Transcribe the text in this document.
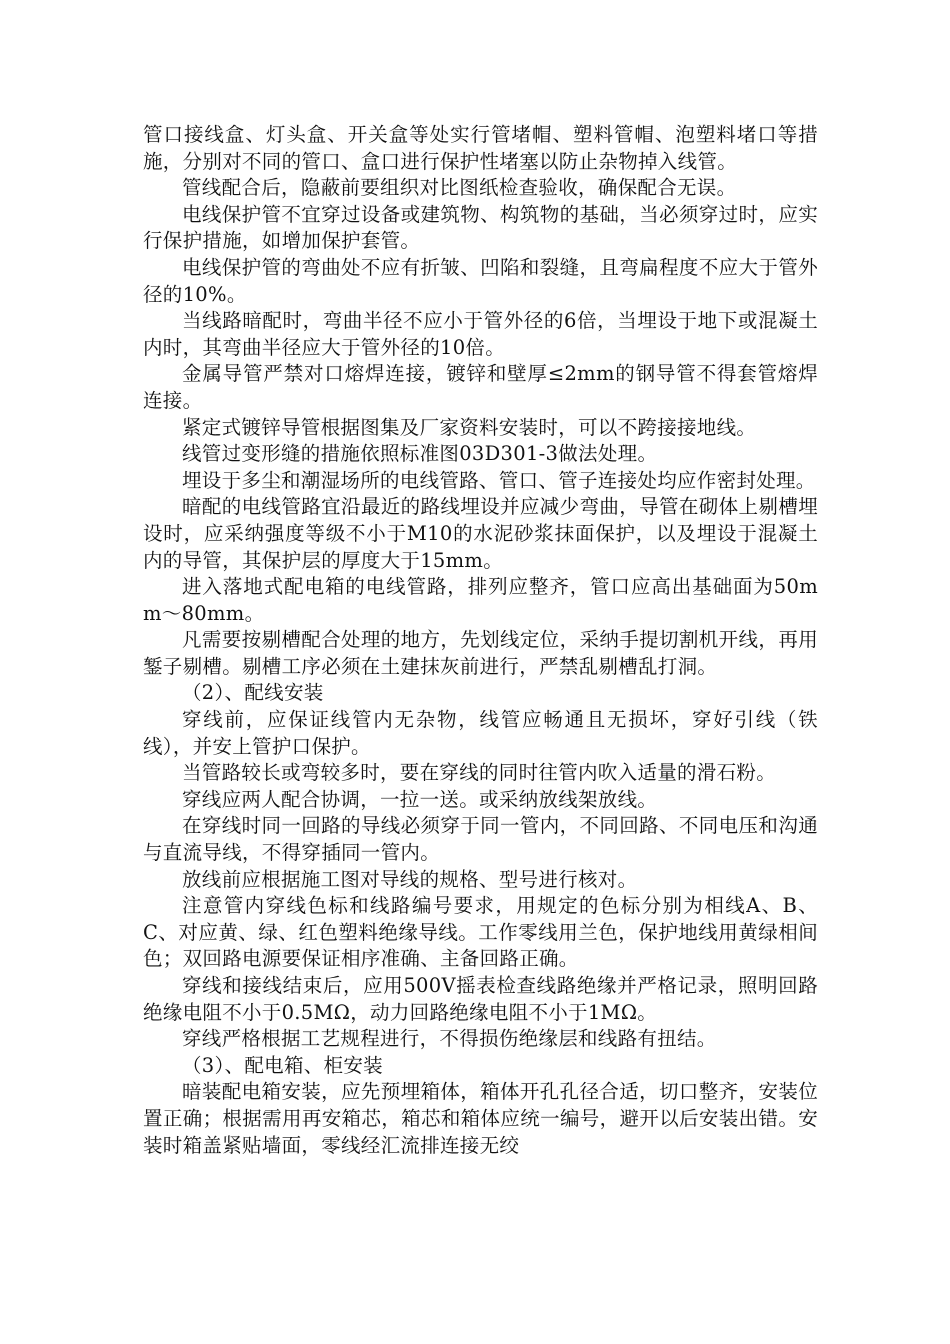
管口接线盒、灯头盒、开关盒等处实行管堵帽、塑料管帽、泡塑料堵口等措施，分别对不同的管口、盒口进行保护性堵塞以防止杂物掉入线管。

管线配合后，隐蔽前要组织对比图纸检查验收，确保配合无误。

电线保护管不宜穿过设备或建筑物、构筑物的基础，当必须穿过时，应实行保护措施，如增加保护套管。

电线保护管的弯曲处不应有折皱、凹陷和裂缝，且弯扁程度不应大于管外径的10%。

当线路暗配时，弯曲半径不应小于管外径的6倍，当埋设于地下或混凝土内时，其弯曲半径应大于管外径的10倍。

金属导管严禁对口熔焊连接，镀锌和壁厚≤2mm的钢导管不得套管熔焊连接。

紧定式镀锌导管根据图集及厂家资料安装时，可以不跨接接地线。

线管过变形缝的措施依照标准图03D301-3做法处理。

埋设于多尘和潮湿场所的电线管路、管口、管子连接处均应作密封处理。

暗配的电线管路宜沿最近的路线埋设并应减少弯曲，导管在砌体上剔槽埋设时，应采纳强度等级不小于M10的水泥砂浆抹面保护，以及埋设于混凝土内的导管，其保护层的厚度大于15mm。

进入落地式配电箱的电线管路，排列应整齐，管口应高出基础面为50mm～80mm。

凡需要按剔槽配合处理的地方，先划线定位，采纳手提切割机开线，再用錾子剔槽。剔槽工序必须在土建抹灰前进行，严禁乱剔槽乱打洞。

（2）、配线安装

穿线前，应保证线管内无杂物，线管应畅通且无损坏，穿好引线（铁线），并安上管护口保护。

当管路较长或弯较多时，要在穿线的同时往管内吹入适量的滑石粉。

穿线应两人配合协调，一拉一送。或采纳放线架放线。

在穿线时同一回路的导线必须穿于同一管内，不同回路、不同电压和沟通与直流导线，不得穿插同一管内。

放线前应根据施工图对导线的规格、型号进行核对。

注意管内穿线色标和线路编号要求，用规定的色标分别为相线A、B、C、对应黄、绿、红色塑料绝缘导线。工作零线用兰色，保护地线用黄绿相间色；双回路电源要保证相序准确、主备回路正确。

穿线和接线结束后，应用500V摇表检查线路绝缘并严格记录，照明回路绝缘电阻不小于0.5MΩ，动力回路绝缘电阻不小于1MΩ。

穿线严格根据工艺规程进行，不得损伤绝缘层和线路有扭结。

（3）、配电箱、柜安装

暗装配电箱安装，应先预埋箱体，箱体开孔孔径合适，切口整齐，安装位置正确；根据需用再安箱芯，箱芯和箱体应统一编号，避开以后安装出错。安装时箱盖紧贴墙面，零线经汇流排连接无绞
